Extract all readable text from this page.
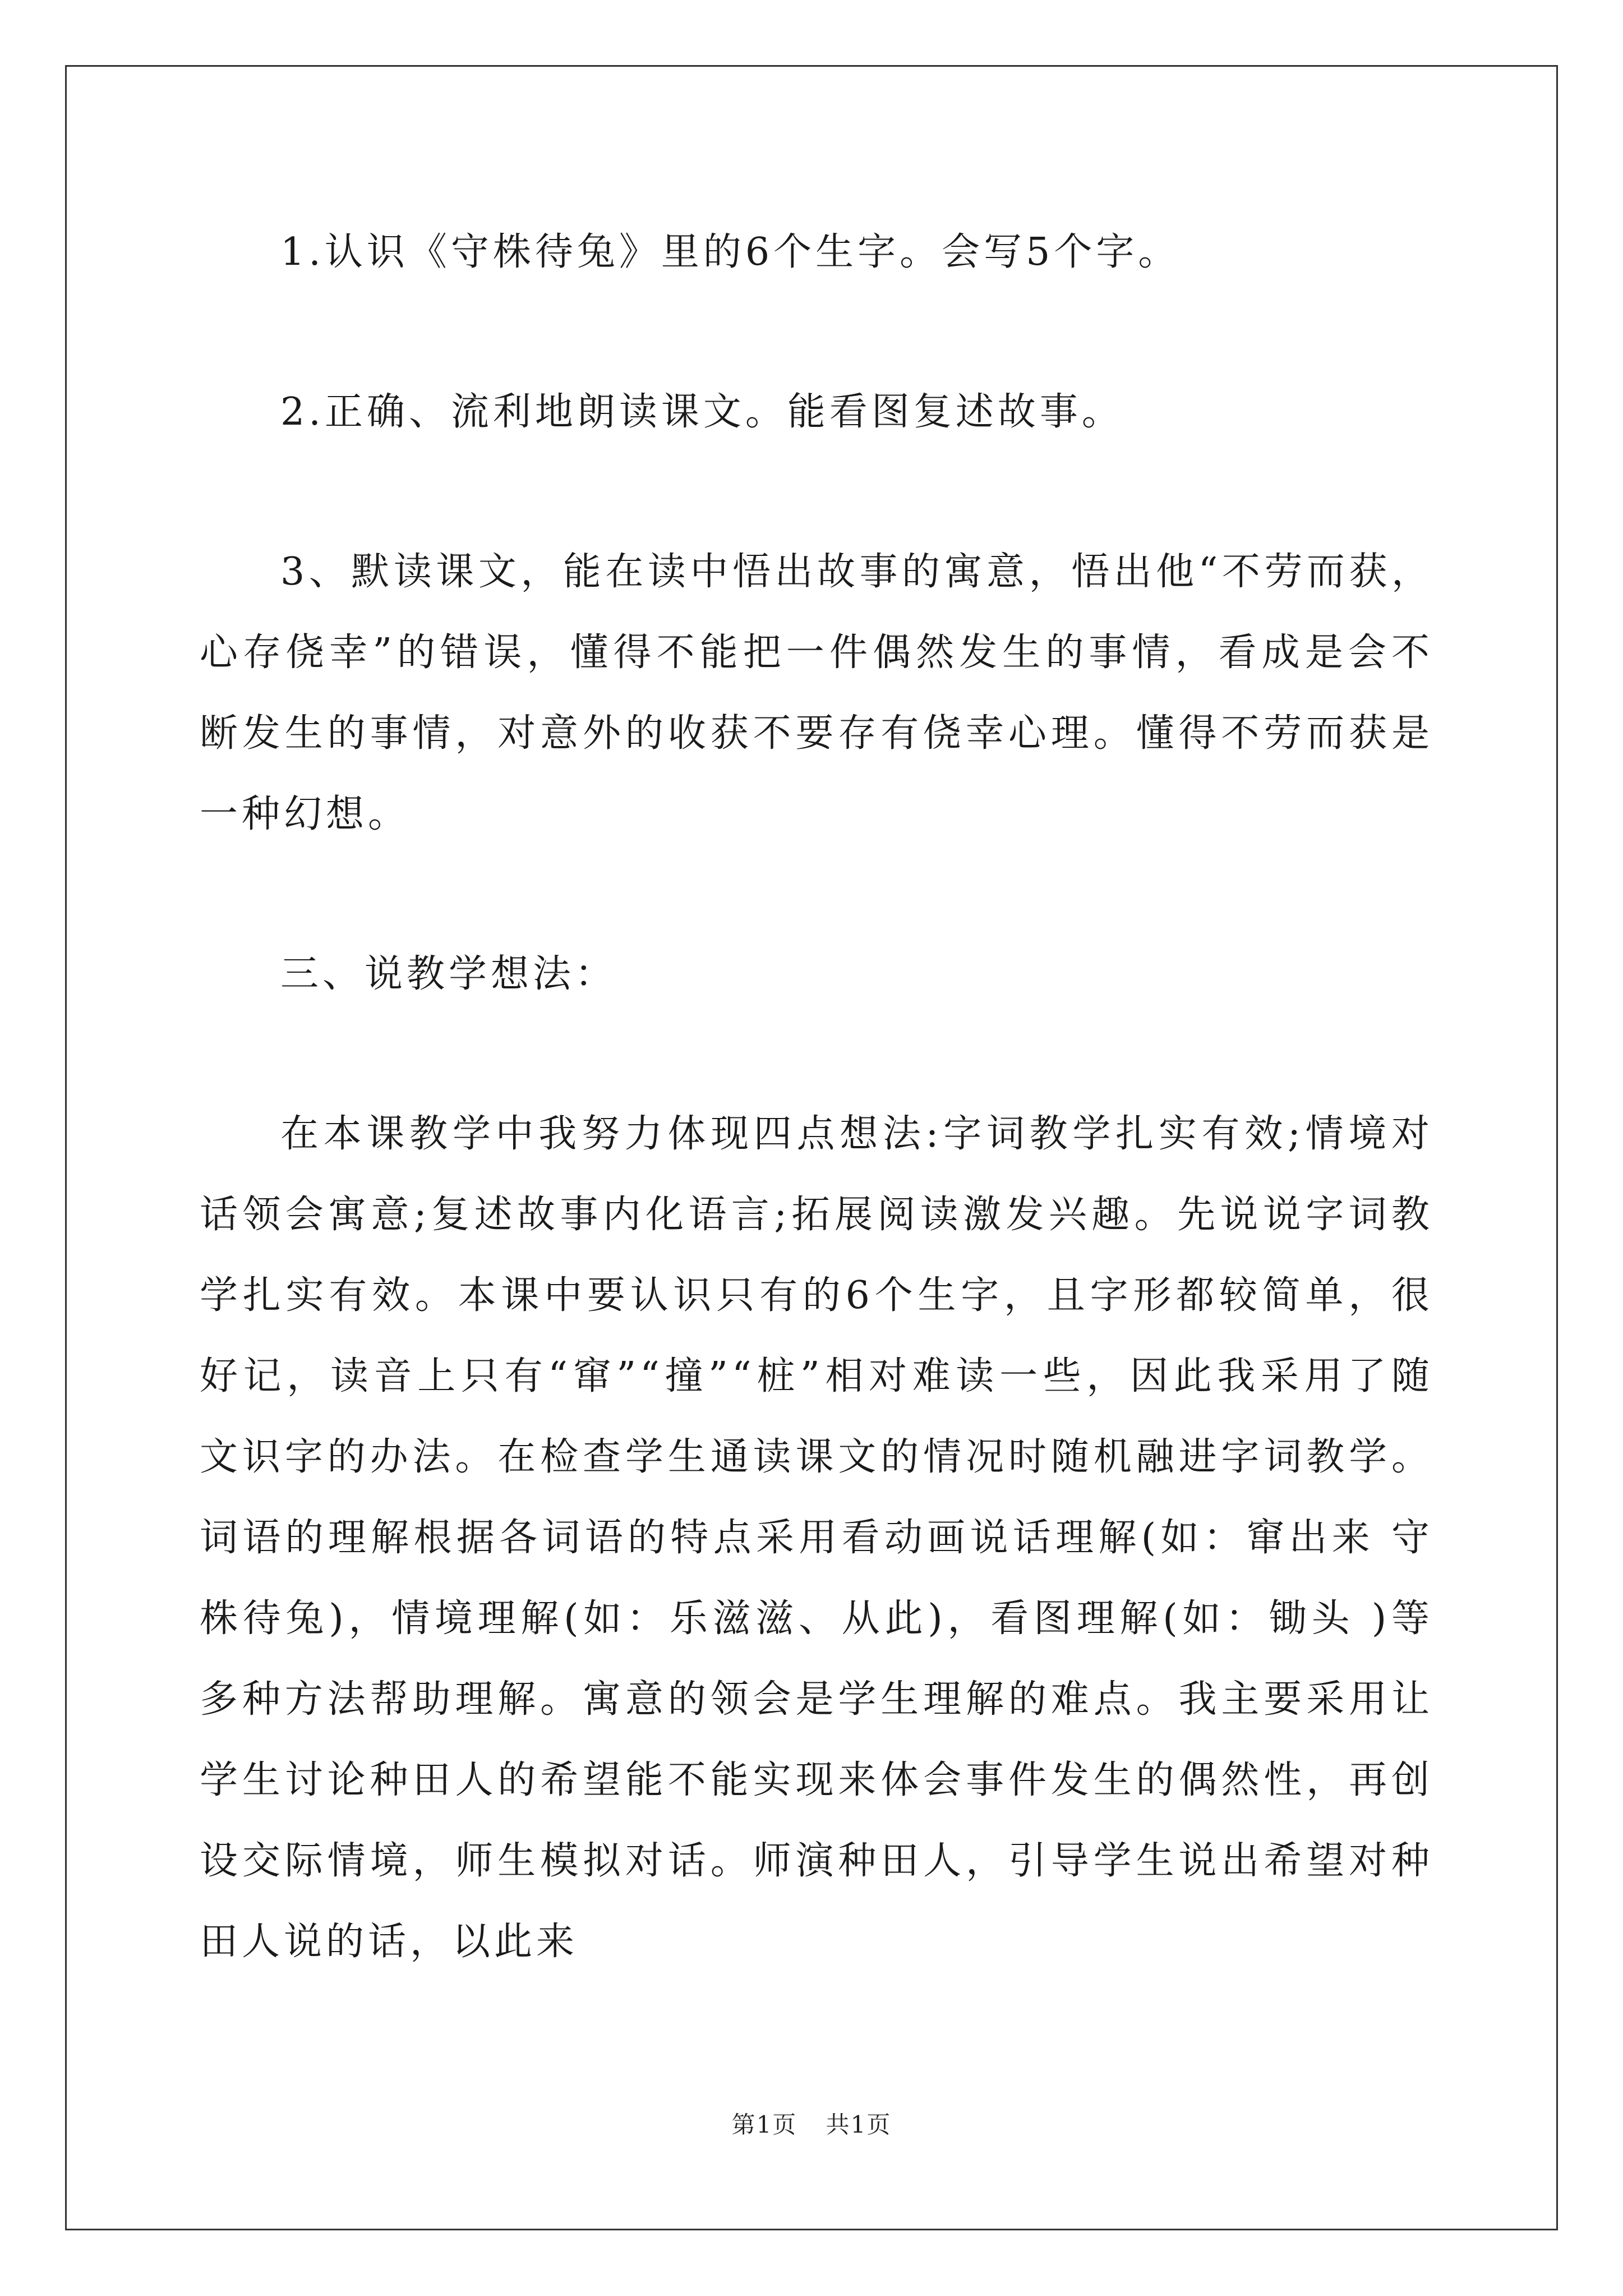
1.认识《守株待兔》里的6个生字。会写5个字。

2.正确、流利地朗读课文。能看图复述故事。

3、默读课文，能在读中悟出故事的寓意，悟出他“不劳而获，心存侥幸”的错误，懂得不能把一件偶然发生的事情，看成是会不断发生的事情，对意外的收获不要存有侥幸心理。懂得不劳而获是一种幻想。

三、说教学想法：

在本课教学中我努力体现四点想法:字词教学扎实有效;情境对话领会寓意;复述故事内化语言;拓展阅读激发兴趣。先说说字词教学扎实有效。本课中要认识只有的6个生字，且字形都较简单，很好记，读音上只有“窜”“撞”“桩”相对难读一些，因此我采用了随文识字的办法。在检查学生通读课文的情况时随机融进字词教学。词语的理解根据各词语的特点采用看动画说话理解(如：窜出来 守株待兔)，情境理解(如：乐滋滋、从此)，看图理解(如：锄头 )等多种方法帮助理解。寓意的领会是学生理解的难点。我主要采用让学生讨论种田人的希望能不能实现来体会事件发生的偶然性，再创设交际情境，师生模拟对话。师演种田人，引导学生说出希望对种田人说的话，以此来

第1页 共1页
